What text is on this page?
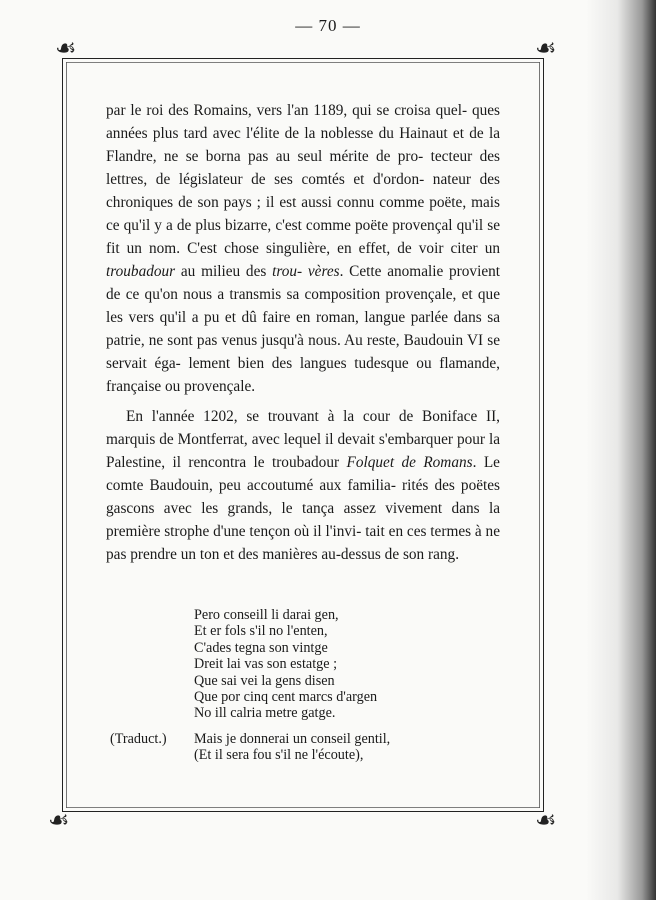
— 70 —
☙	☙
☙	☙

par le roi des Romains, vers l'an 1189, qui se croisa quel- ques années plus tard avec l'élite de la noblesse du Hainaut et de la Flandre, ne se borna pas au seul mérite de pro- tecteur des lettres, de législateur de ses comtés et d'ordon- nateur des chroniques de son pays ; il est aussi connu comme poëte, mais ce qu'il y a de plus bizarre, c'est comme poëte provençal qu'il se fit un nom. C'est chose singulière, en effet, de voir citer un troubadour au milieu des trou- vères. Cette anomalie provient de ce qu'on nous a transmis sa composition provençale, et que les vers qu'il a pu et dû faire en roman, langue parlée dans sa patrie, ne sont pas venus jusqu'à nous. Au reste, Baudouin VI se servait éga- lement bien des langues tudesque ou flamande, française ou provençale.

En l'année 1202, se trouvant à la cour de Boniface II, marquis de Montferrat, avec lequel il devait s'embarquer pour la Palestine, il rencontra le troubadour Folquet de Romans. Le comte Baudouin, peu accoutumé aux familia- rités des poëtes gascons avec les grands, le tança assez vivement dans la première strophe d'une tençon où il l'invi- tait en ces termes à ne pas prendre un ton et des manières au-dessus de son rang.

Pero conseill li darai gen,
Et er fols s'il no l'enten,
C'ades tegna son vintge
Dreit lai vas son estatge ;
Que sai vei la gens disen
Que por cinq cent marcs d'argen
No ill calria metre gatge.
(Traduct.) Mais je donnerai un conseil gentil,
(Et il sera fou s'il ne l'écoute),
